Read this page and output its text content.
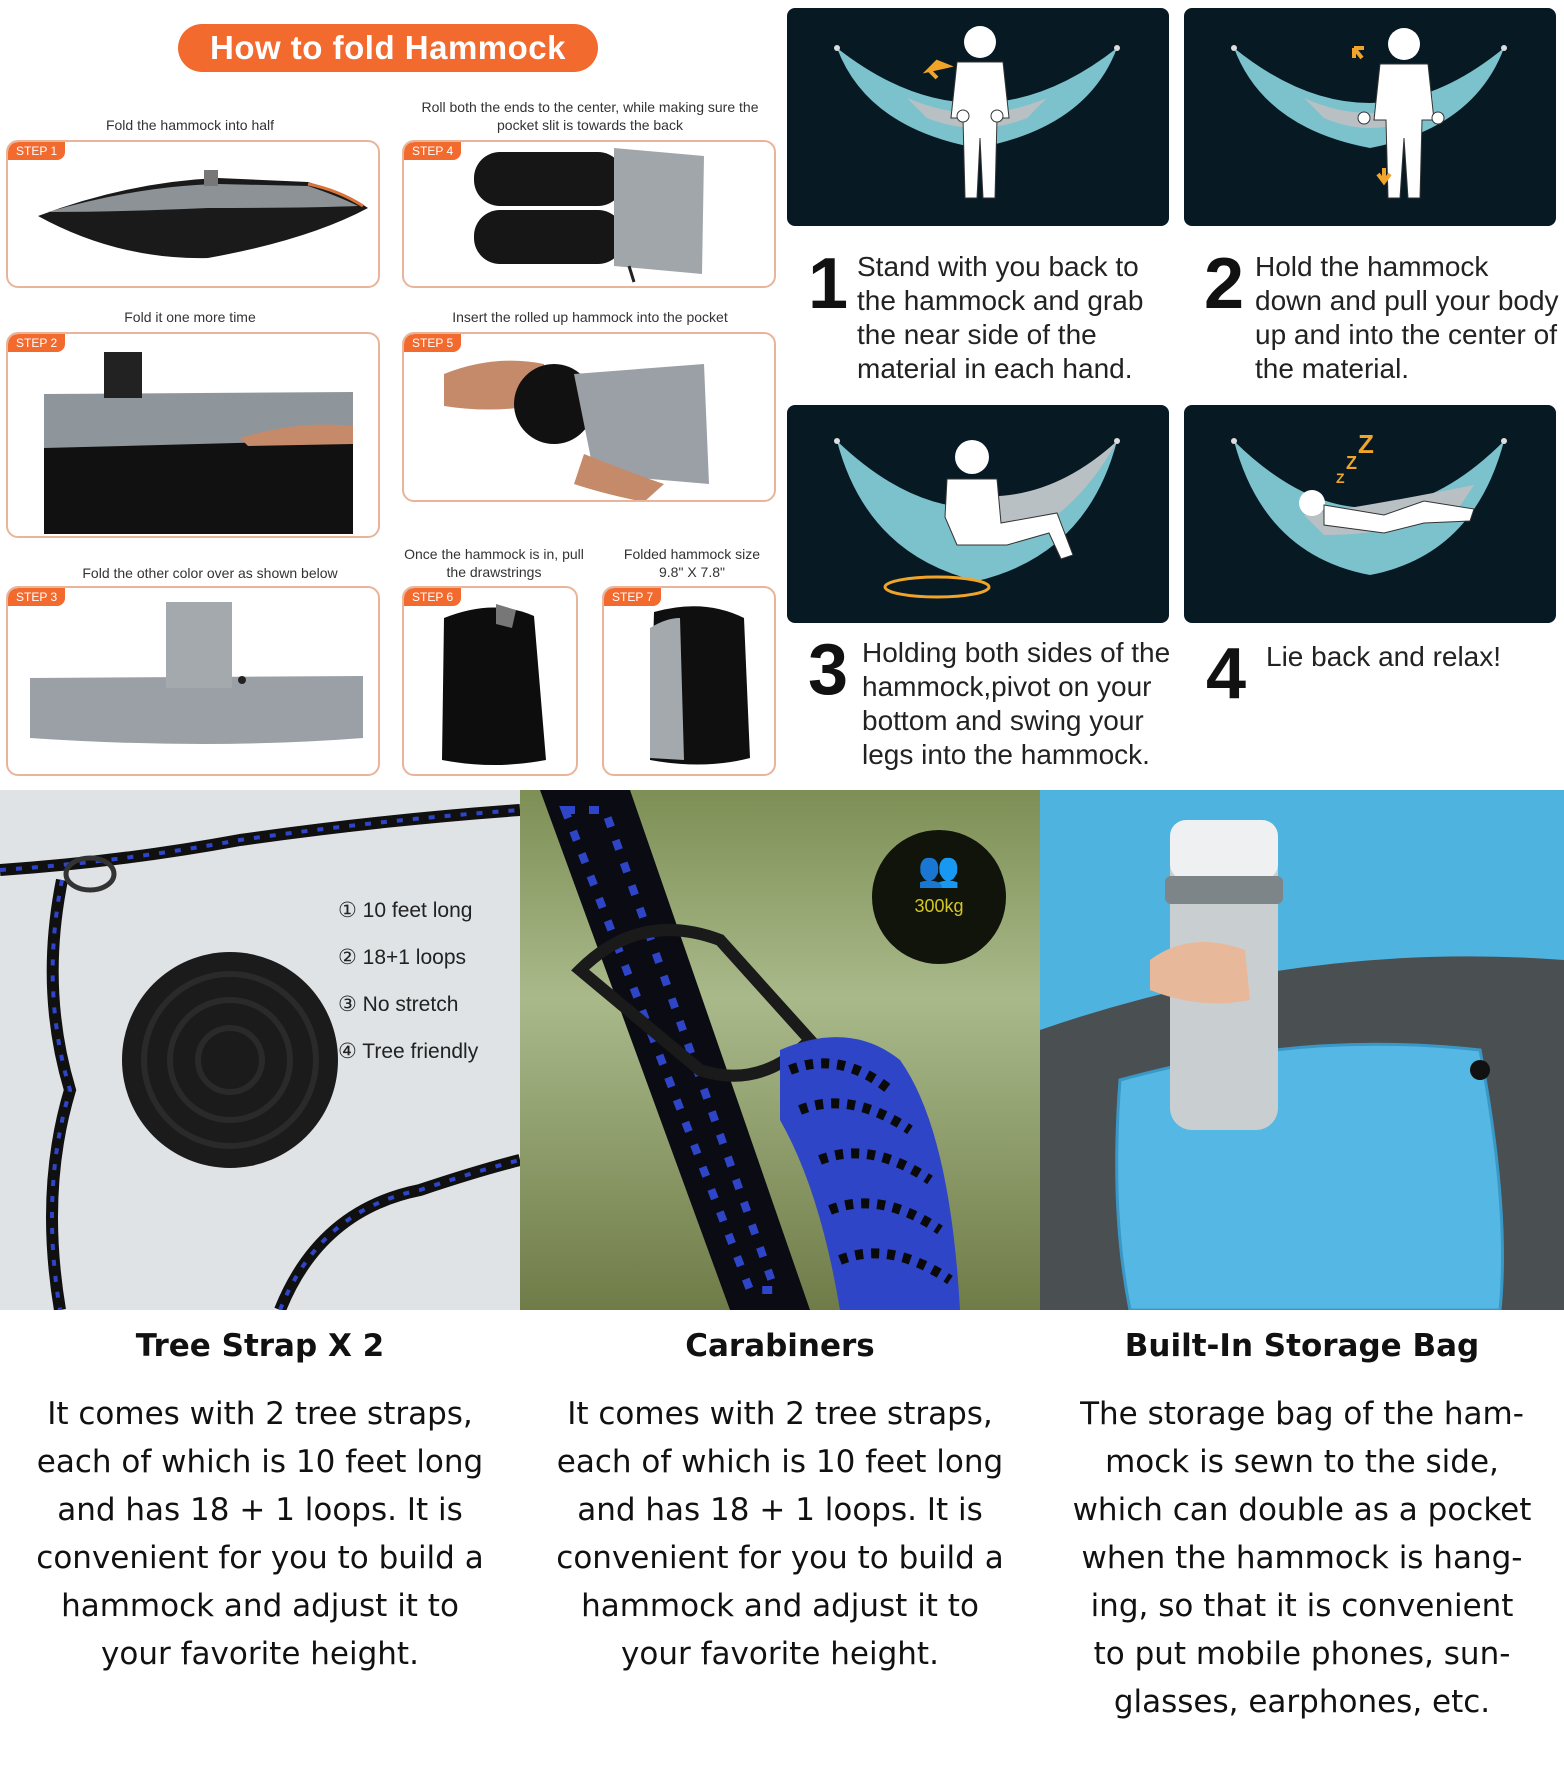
How to fold Hammock
Fold the hammock into half
Roll both the ends to the center, while making sure the pocket slit is towards the back
Fold it one more time	Insert the rolled up hammock into the pocket
Fold the other color over as shown below
Once the hammock is in, pull the drawstrings
Folded hammock size 9.8" X 7.8"
STEP 1
STEP 2
STEP 3
STEP 4
STEP 5
STEP 6	STEP 7
Z
Z
Z
1 Stand with you back to the hammock and grab the near side of the material in each hand.
2 Hold the hammock down and pull your body up and into the center of the material.
3 Holding both sides of the hammock,pivot on your bottom and swing your legs into the hammock.
4 Lie back and relax!
① 10 feet long
② 18+1 loops
③ No stretch
④ Tree friendly
👥
300kg
Tree Strap X 2	Carabiners	Built-In Storage Bag
It comes with 2 tree straps,
each of which is 10 feet long
and has 18 + 1 loops. It is
convenient for you to build a
hammock and adjust it to
your favorite height.
It comes with 2 tree straps,
each of which is 10 feet long
and has 18 + 1 loops. It is
convenient for you to build a
hammock and adjust it to
your favorite height.
The storage bag of the ham-
mock is sewn to the side,
which can double as a pocket
when the hammock is hang-
ing, so that it is convenient
to put mobile phones, sun-
glasses, earphones, etc.
